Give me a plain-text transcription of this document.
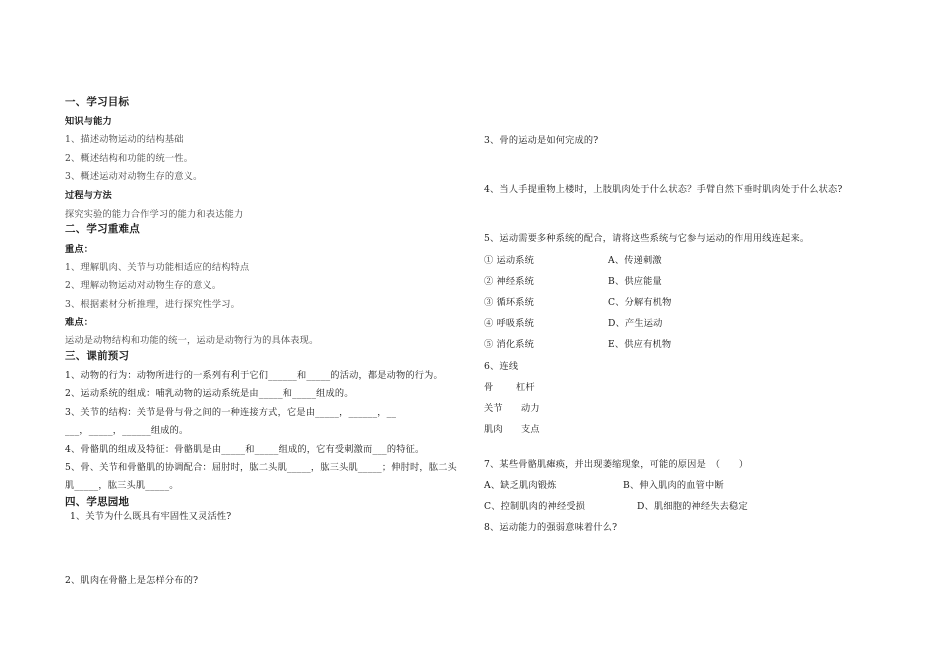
一、学习目标
知识与能力
1、描述动物运动的结构基础
2、概述结构和功能的统一性。
3、概述运动对动物生存的意义。
过程与方法
探究实验的能力合作学习的能力和表达能力
二、学习重难点
重点：
1、理解肌肉、关节与功能相适应的结构特点
2、理解动物运动对动物生存的意义。
3、根据素材分析推理，进行探究性学习。
难点：
运动是动物结构和功能的统一，运动是动物行为的具体表现。
三、课前预习
1、动物的行为：动物所进行的一系列有利于它们______和_____的活动，都是动物的行为。
2、运动系统的组成：哺乳动物的运动系统是由_____和_____组成的。
3、关节的结构：关节是骨与骨之间的一种连接方式，它是由_____，______，__
___，_____，______组成的。
4、骨骼肌的组成及特征：骨骼肌是由_____和_____组成的，它有受刺激而___的特征。
5、骨、关节和骨骼肌的协调配合：屈肘时，肱二头肌_____，肱三头肌_____；伸肘时，肱二头
肌_____，肱三头肌_____。
四、学思园地
1、关节为什么既具有牢固性又灵活性?
2、肌肉在骨骼上是怎样分布的?
3、骨的运动是如何完成的?
4、当人手提重物上楼时，上肢肌肉处于什么状态？手臂自然下垂时肌肉处于什么状态?
5、运动需要多种系统的配合，请将这些系统与它参与运动的作用用线连起来。
① 运动系统
② 神经系统
③ 循环系统
④ 呼吸系统
⑤ 消化系统
A、传递刺激
B、供应能量
C、分解有机物
D、产生运动
E、供应有机物
6、连线
骨 杠杆
关节 动力
肌肉 支点
7、某些骨骼肌瘫痪，并出现萎缩现象，可能的原因是　（　　）
A、缺乏肌肉锻炼	B、伸入肌肉的血管中断
C、控制肌肉的神经受损	D、肌细胞的神经失去稳定
8、运动能力的强弱意味着什么?
